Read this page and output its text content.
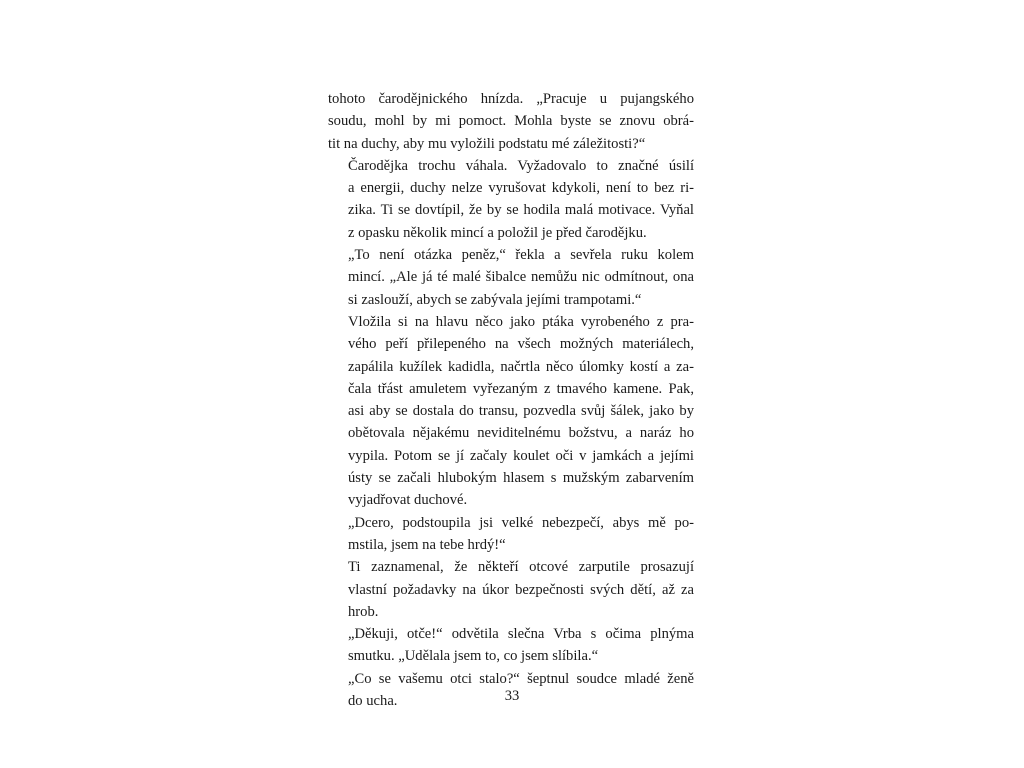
tohoto čarodějnického hnízda. „Pracuje u pujangského
soudu, mohl by mi pomoct. Mohla byste se znovu obrá-
tit na duchy, aby mu vyložili podstatu mé záležitosti?“

Čarodějka trochu váhala. Vyžadovalo to značné úsilí
a energii, duchy nelze vyrušovat kdykoli, není to bez ri-
zika. Ti se dovtípil, že by se hodila malá motivace. Vyňal
z opasku několik mincí a položil je před čarodějku.

„To není otázka peněz,“ řekla a sevřela ruku kolem
mincí. „Ale já té malé šibalce nemůžu nic odmítnout, ona
si zaslouží, abych se zabývala jejími trampotami.“

Vložila si na hlavu něco jako ptáka vyrobeného z pra-
vého peří přilepeného na všech možných materiálech,
zapálila kužílek kadidla, načrtla něco úlomky kostí a za-
čala třást amuletem vyřezaným z tmavého kamene. Pak,
asi aby se dostala do transu, pozvedla svůj šálek, jako by
obětovala nějakému neviditelnému božstvu, a naráz ho
vypila. Potom se jí začaly koulet oči v jamkách a jejími
ústy se začali hlubokým hlasem s mužským zabarvením
vyjadřovat duchové.

„Dcero, podstoupila jsi velké nebezpečí, abys mě po-
mstila, jsem na tebe hrdý!“

Ti zaznamenal, že někteří otcové zarputile prosazují
vlastní požadavky na úkor bezpečnosti svých dětí, až za
hrob.

„Děkuji, otče!“ odvětila slečna Vrba s očima plnýma
smutku. „Udělala jsem to, co jsem slíbila.“

„Co se vašemu otci stalo?“ šeptnul soudce mladé ženě
do ucha.	33
